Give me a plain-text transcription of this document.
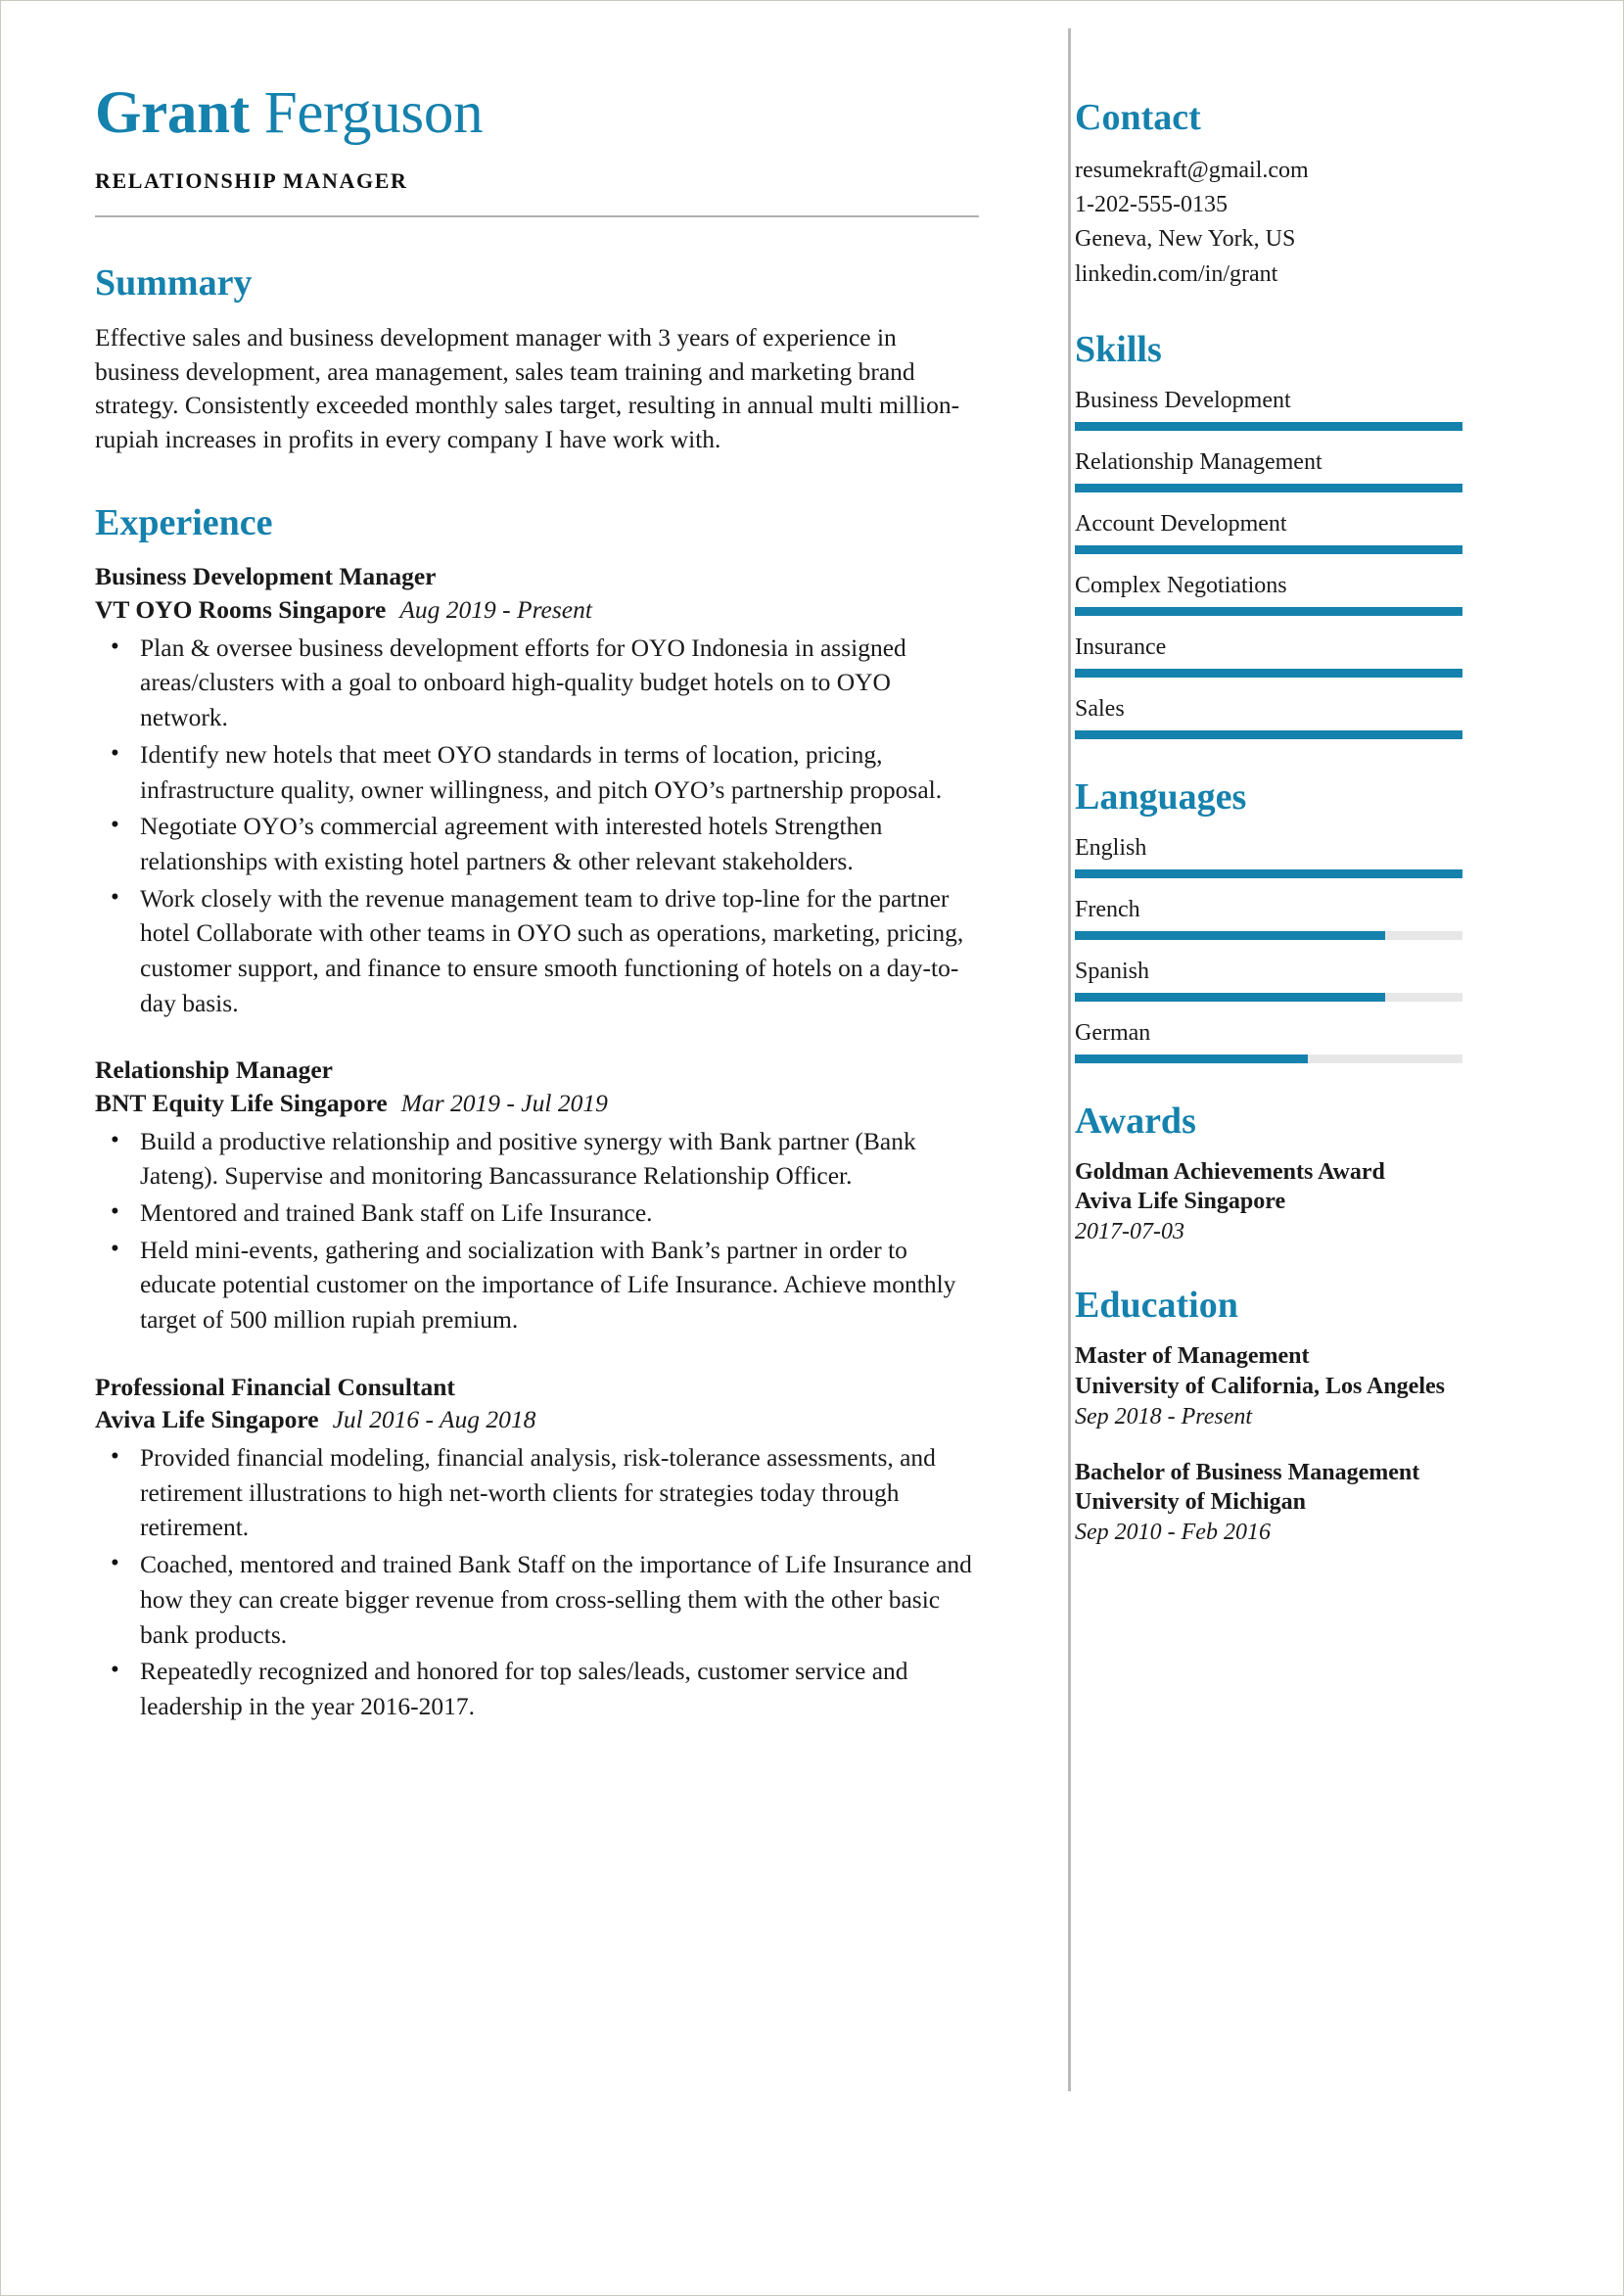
Grant Ferguson
RELATIONSHIP MANAGER
Summary
Effective sales and business development manager with 3 years of experience in business development, area management, sales team training and marketing brand strategy. Consistently exceeded monthly sales target, resulting in annual multi million-rupiah increases in profits in every company I have work with.
Experience
Business Development Manager
VT OYO Rooms Singapore Aug 2019 - Present
• Plan & oversee business development efforts for OYO Indonesia in assigned areas/clusters with a goal to onboard high-quality budget hotels on to OYO network.
• Identify new hotels that meet OYO standards in terms of location, pricing, infrastructure quality, owner willingness, and pitch OYO’s partnership proposal.
• Negotiate OYO’s commercial agreement with interested hotels Strengthen relationships with existing hotel partners & other relevant stakeholders.
• Work closely with the revenue management team to drive top-line for the partner hotel Collaborate with other teams in OYO such as operations, marketing, pricing, customer support, and finance to ensure smooth functioning of hotels on a day-to-day basis.
Relationship Manager
BNT Equity Life Singapore Mar 2019 - Jul 2019
• Build a productive relationship and positive synergy with Bank partner (Bank Jateng). Supervise and monitoring Bancassurance Relationship Officer.
• Mentored and trained Bank staff on Life Insurance.
• Held mini-events, gathering and socialization with Bank’s partner in order to educate potential customer on the importance of Life Insurance. Achieve monthly target of 500 million rupiah premium.
Professional Financial Consultant
Aviva Life Singapore Jul 2016 - Aug 2018
• Provided financial modeling, financial analysis, risk-tolerance assessments, and retirement illustrations to high net-worth clients for strategies today through retirement.
• Coached, mentored and trained Bank Staff on the importance of Life Insurance and how they can create bigger revenue from cross-selling them with the other basic bank products.
• Repeatedly recognized and honored for top sales/leads, customer service and leadership in the year 2016-2017.
Contact
resumekraft@gmail.com
1-202-555-0135
Geneva, New York, US
linkedin.com/in/grant
Skills
Business Development
Relationship Management
Account Development
Complex Negotiations
Insurance
Sales
Languages
English
French
Spanish
German
Awards
Goldman Achievements Award
Aviva Life Singapore
2017-07-03
Education
Master of Management
University of California, Los Angeles
Sep 2018 - Present
Bachelor of Business Management
University of Michigan
Sep 2010 - Feb 2016
